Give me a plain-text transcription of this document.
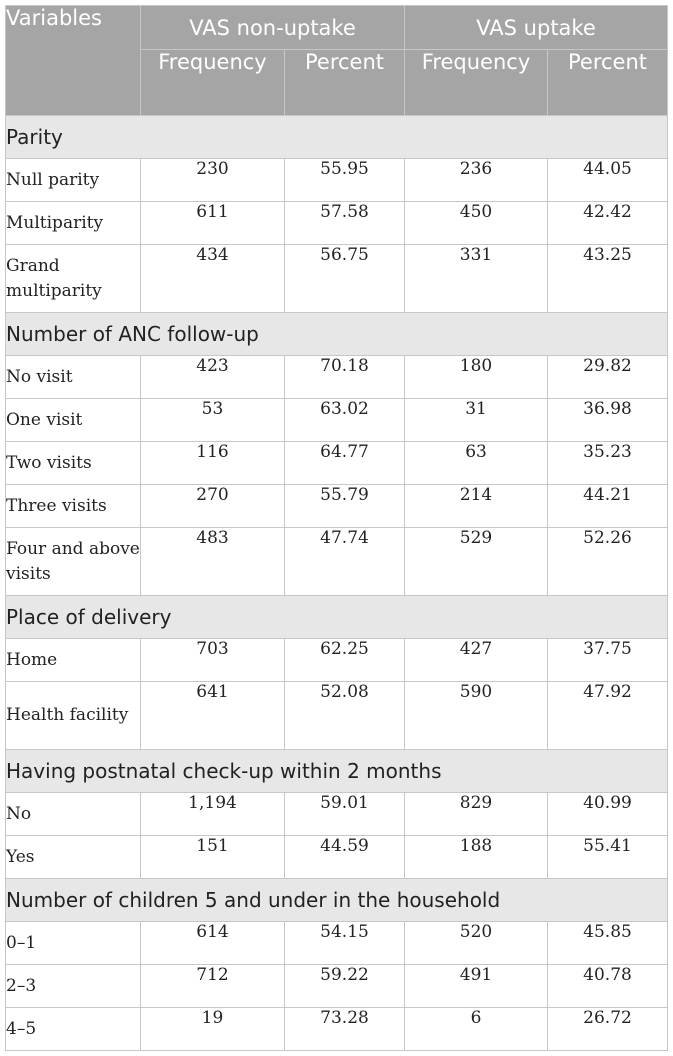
Variables	VAS non-uptake		VAS uptake	
	Frequency	Percent	Frequency	Percent
Parity				
Null parity	230	55.95	236	44.05
Multiparity	611	57.58	450	42.42
Grand multiparity	434	56.75	331	43.25
Number of ANC follow-up				
No visit	423	70.18	180	29.82
One visit	53	63.02	31	36.98
Two visits	116	64.77	63	35.23
Three visits	270	55.79	214	44.21
Four and above visits	483	47.74	529	52.26
Place of delivery				
Home	703	62.25	427	37.75
Health facility	641	52.08	590	47.92
Having postnatal check-up within 2 months				
No	1,194	59.01	829	40.99
Yes	151	44.59	188	55.41
Number of children 5 and under in the household				
0–1	614	54.15	520	45.85
2–3	712	59.22	491	40.78
4–5	19	73.28	6	26.72
